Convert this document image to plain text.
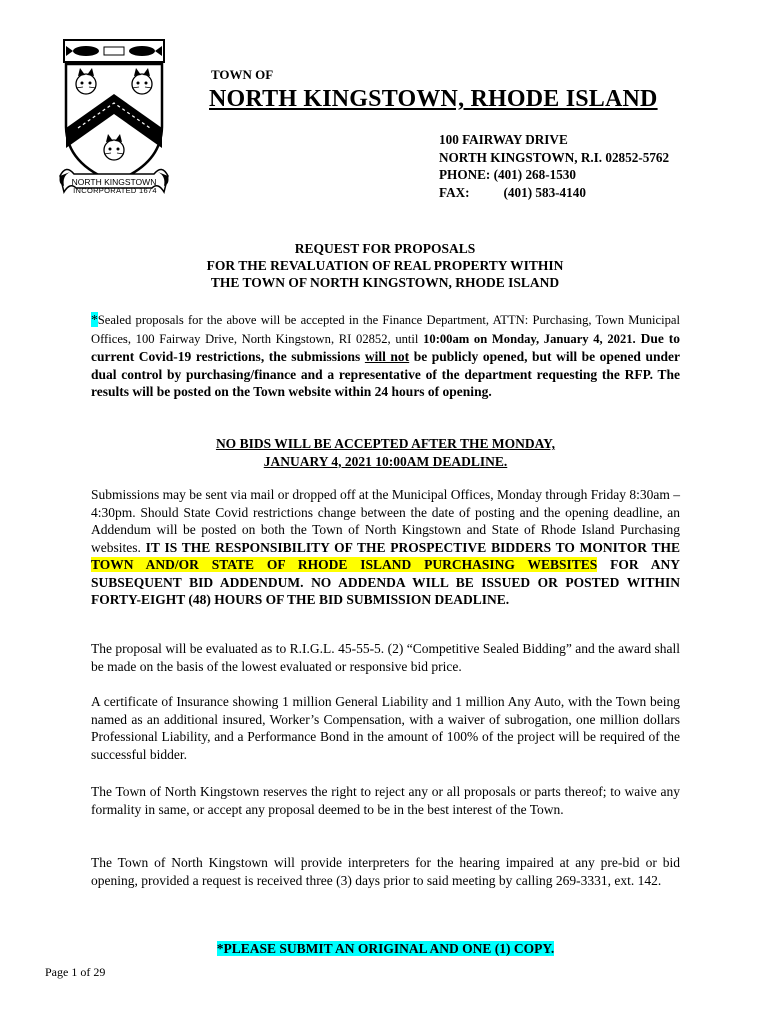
NORTH KINGSTOWN
INCORPORATED 1674
TOWN OF
NORTH KINGSTOWN, RHODE ISLAND
100 FAIRWAY DRIVE
NORTH KINGSTOWN, R.I. 02852-5762
PHONE: (401) 268-1530
FAX:	(401) 583-4140
REQUEST FOR PROPOSALS
FOR THE REVALUATION OF REAL PROPERTY WITHIN
THE TOWN OF NORTH KINGSTOWN, RHODE ISLAND
*Sealed proposals for the above will be accepted in the Finance Department, ATTN: Purchasing, Town Municipal Offices, 100 Fairway Drive, North Kingstown, RI 02852, until 10:00am on Monday, January 4, 2021. Due to current Covid-19 restrictions, the submissions will not be publicly opened, but will be opened under dual control by purchasing/finance and a representative of the department requesting the RFP. The results will be posted on the Town website within 24 hours of opening.
NO BIDS WILL BE ACCEPTED AFTER THE MONDAY,
JANUARY 4, 2021 10:00AM DEADLINE.
Submissions may be sent via mail or dropped off at the Municipal Offices, Monday through Friday 8:30am – 4:30pm. Should State Covid restrictions change between the date of posting and the opening deadline, an Addendum will be posted on both the Town of North Kingstown and State of Rhode Island Purchasing websites. IT IS THE RESPONSIBILITY OF THE PROSPECTIVE BIDDERS TO MONITOR THE TOWN AND/OR STATE OF RHODE ISLAND PURCHASING WEBSITES FOR ANY SUBSEQUENT BID ADDENDUM. NO ADDENDA WILL BE ISSUED OR POSTED WITHIN FORTY-EIGHT (48) HOURS OF THE BID SUBMISSION DEADLINE.
The proposal will be evaluated as to R.I.G.L. 45-55-5. (2) “Competitive Sealed Bidding” and the award shall be made on the basis of the lowest evaluated or responsive bid price.
A certificate of Insurance showing 1 million General Liability and 1 million Any Auto, with the Town being named as an additional insured, Worker’s Compensation, with a waiver of subrogation, one million dollars Professional Liability, and a Performance Bond in the amount of 100% of the project will be required of the successful bidder.
The Town of North Kingstown reserves the right to reject any or all proposals or parts thereof; to waive any formality in same, or accept any proposal deemed to be in the best interest of the Town.
The Town of North Kingstown will provide interpreters for the hearing impaired at any pre-bid or bid opening, provided a request is received three (3) days prior to said meeting by calling 269-3331, ext. 142.
*PLEASE SUBMIT AN ORIGINAL AND ONE (1) COPY.
Page 1 of 29
